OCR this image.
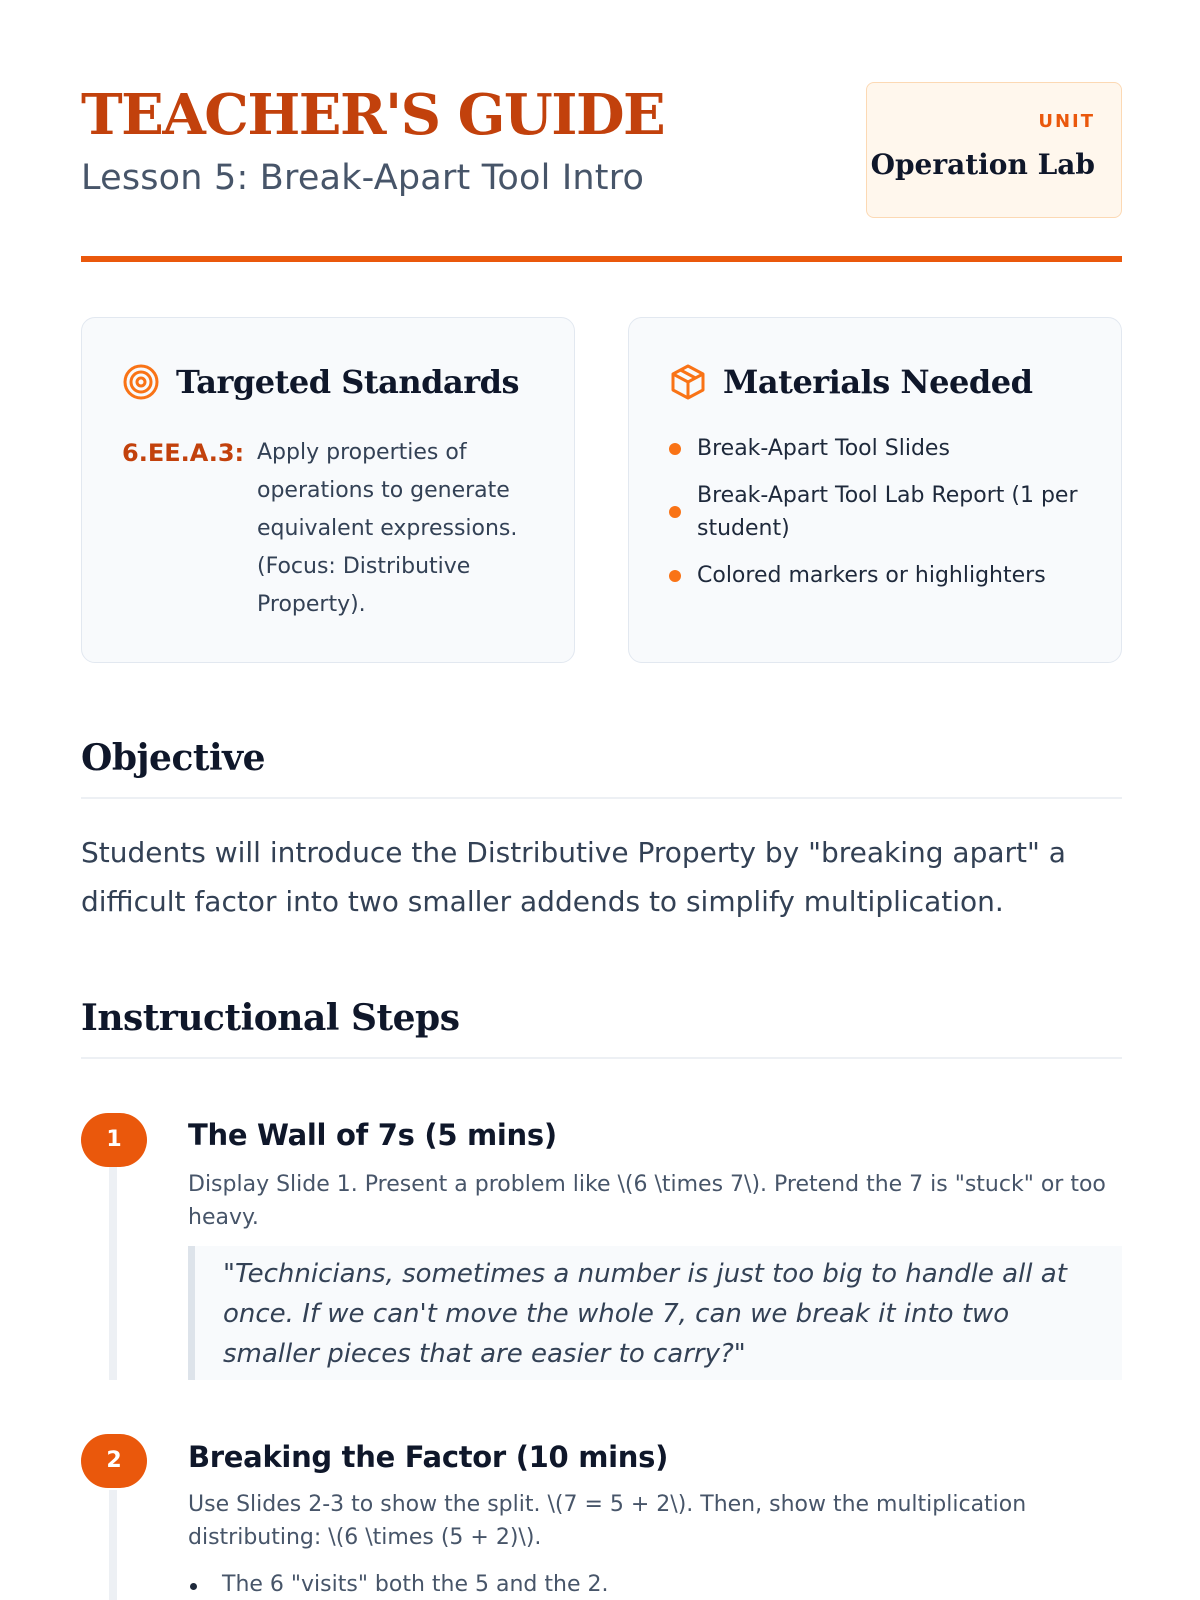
TEACHER'S GUIDE
Lesson 5: Break-Apart Tool Intro
UNIT
Operation Lab
Targeted Standards
6.EE.A.3: Apply properties of operations to generate equivalent expressions. (Focus: Distributive Property).
Materials Needed
Break-Apart Tool Slides
Break-Apart Tool Lab Report (1 per student)
Colored markers or highlighters
Objective

Students will introduce the Distributive Property by "breaking apart" a difficult factor into two smaller addends to simplify multiplication.

Instructional Steps
1	The Wall of 7s (5 mins)

Display Slide 1. Present a problem like \(6 \times 7\). Pretend the 7 is "stuck" or too heavy.

"Technicians, sometimes a number is just too big to handle all at once. If we can't move the whole 7, can we break it into two smaller pieces that are easier to carry?"
2	Breaking the Factor (10 mins)

Use Slides 2-3 to show the split. \(7 = 5 + 2\). Then, show the multiplication distributing: \(6 \times (5 + 2)\).

The 6 "visits" both the 5 and the 2.
